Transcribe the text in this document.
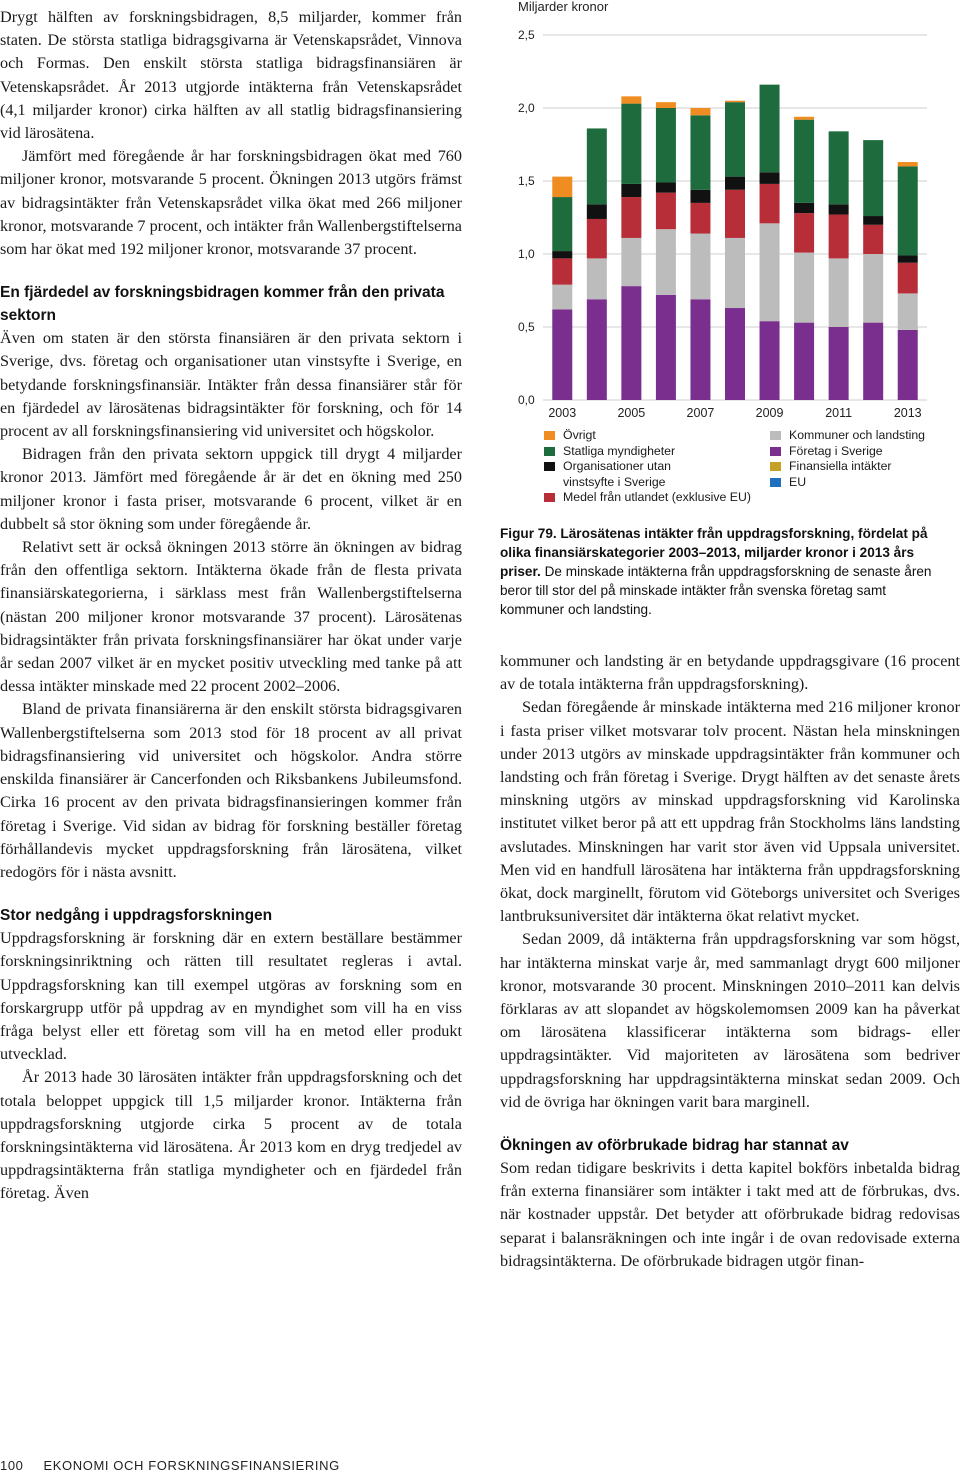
Drygt hälften av forskningsbidragen, 8,5 miljarder, kommer från staten. De största statliga bidragsgivarna är Vetenskapsrådet, Vinnova och Formas. Den enskilt största statliga bidragsfinansiären är Vetenskapsrådet. År 2013 utgjorde intäkterna från Vetenskapsrådet (4,1 miljarder kronor) cirka hälften av all statlig bidragsfinansiering vid lärosätena.

Jämfört med föregående år har forskningsbidragen ökat med 760 miljoner kronor, motsvarande 5 procent. Ökningen 2013 utgörs främst av bidragsintäkter från Vetenskapsrådet vilka ökat med 266 miljoner kronor, motsvarande 7 procent, och intäkter från Wallenbergstiftelserna som har ökat med 192 miljoner kronor, motsvarande 37 procent.

En fjärdedel av forskningsbidragen kommer från den privata sektorn

Även om staten är den största finansiären är den privata sektorn i Sverige, dvs. företag och organisationer utan vinstsyfte i Sverige, en betydande forskningsfinansiär. Intäkter från dessa finansiärer står för en fjärdedel av lärosätenas bidragsintäkter för forskning, och för 14 procent av all forskningsfinansiering vid universitet och högskolor.

Bidragen från den privata sektorn uppgick till drygt 4 miljarder kronor 2013. Jämfört med föregående år är det en ökning med 250 miljoner kronor i fasta priser, motsvarande 6 procent, vilket är en dubbelt så stor ökning som under föregående år.

Relativt sett är också ökningen 2013 större än ökningen av bidrag från den offentliga sektorn. Intäkterna ökade från de flesta privata finansiärskategorierna, i särklass mest från Wallenbergstiftelserna (nästan 200 miljoner kronor motsvarande 37 procent). Lärosätenas bidragsintäkter från privata forskningsfinansiärer har ökat under varje år sedan 2007 vilket är en mycket positiv utveckling med tanke på att dessa intäkter minskade med 22 procent 2002–2006.

Bland de privata finansiärerna är den enskilt största bidragsgivaren Wallenbergstiftelserna som 2013 stod för 18 procent av all privat bidragsfinansiering vid universitet och högskolor. Andra större enskilda finansiärer är Cancerfonden och Riksbankens Jubileumsfond. Cirka 16 procent av den privata bidragsfinansieringen kommer från företag i Sverige. Vid sidan av bidrag för forskning beställer företag förhållandevis mycket uppdragsforskning från lärosätena, vilket redogörs för i nästa avsnitt.

Stor nedgång i uppdragsforskningen

Uppdragsforskning är forskning där en extern beställare bestämmer forskningsinriktning och rätten till resultatet regleras i avtal. Uppdragsforskning kan till exempel utgöras av forskning som en forskargrupp utför på uppdrag av en myndighet som vill ha en viss fråga belyst eller ett företag som vill ha en metod eller produkt utvecklad.

År 2013 hade 30 lärosäten intäkter från uppdragsforskning och det totala beloppet uppgick till 1,5 miljarder kronor. Intäkterna från uppdragsforskning utgjorde cirka 5 procent av de totala forskningsintäkterna vid lärosätena. År 2013 kom en dryg tredjedel av uppdragsintäkterna från statliga myndigheter och en fjärdedel från företag. Även

Miljarder kronor
0,0
0,5
1,0
1,5
2,0
2,5
2003	2005	2007	2009	2011	2013
Övrigt
Statliga myndigheter
Organisationer utan
vinstsyfte i Sverige
Medel från utlandet (exklusive EU)
Kommuner och landsting
Företag i Sverige
Finansiella intäkter
EU

Figur 79. Lärosätenas intäkter från uppdragsforskning, fördelat på olika finansiärskategorier 2003–2013, miljarder kronor i 2013 års priser. De minskade intäkterna från uppdragsforskning de senaste åren beror till stor del på minskade intäkter från svenska företag samt kommuner och landsting.

kommuner och landsting är en betydande uppdragsgivare (16 procent av de totala intäkterna från uppdragsforskning).

Sedan föregående år minskade intäkterna med 216 miljoner kronor i fasta priser vilket motsvarar tolv procent. Nästan hela minskningen under 2013 utgörs av minskade uppdragsintäkter från kommuner och landsting och från företag i Sverige. Drygt hälften av det senaste årets minskning utgörs av minskad uppdragsforskning vid Karolinska institutet vilket beror på att ett uppdrag från Stockholms läns landsting avslutades. Minskningen har varit stor även vid Uppsala universitet. Men vid en handfull lärosätena har intäkterna från uppdragsforskning ökat, dock marginellt, förutom vid Göteborgs universitet och Sveriges lantbruksuniversitet där intäkterna ökat relativt mycket.

Sedan 2009, då intäkterna från uppdragsforskning var som högst, har intäkterna minskat varje år, med sammanlagt drygt 600 miljoner kronor, motsvarande 30 procent. Minskningen 2010–2011 kan delvis förklaras av att slopandet av högskolemomsen 2009 kan ha påverkat om lärosätena klassificerar intäkterna som bidrags- eller uppdragsintäkter. Vid majoriteten av lärosätena som bedriver uppdragsforskning har uppdragsintäkterna minskat sedan 2009. Och vid de övriga har ökningen varit bara marginell.

Ökningen av oförbrukade bidrag har stannat av

Som redan tidigare beskrivits i detta kapitel bokförs inbetalda bidrag från externa finansiärer som intäkter i takt med att de förbrukas, dvs. när kostnader uppstår. Det betyder att oförbrukade bidrag redovisas separat i balansräkningen och inte ingår i de ovan redovisade externa bidragsintäkterna. De oförbrukade bidragen utgör finan-

100 EKONOMI OCH FORSKNINGSFINANSIERING
